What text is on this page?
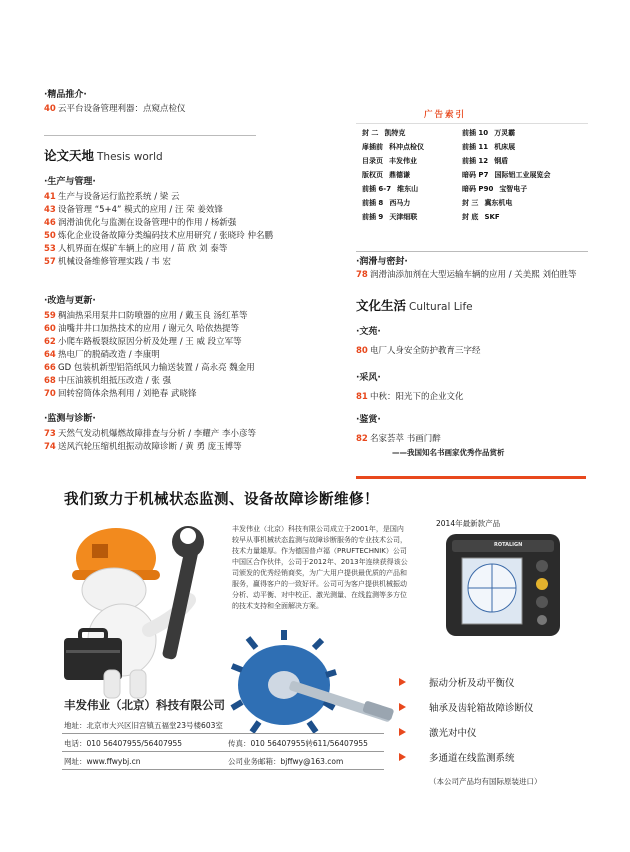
·精品推介·
40 云平台设备管理利器：点窥点检仪
论文天地 Thesis world
·生产与管理·
41 生产与设备运行监控系统 / 梁 云
43 设备管理 “5+4” 模式的应用 / 汪 荣 姜效锋
46 润滑油优化与监测在设备管理中的作用 / 杨新强
50 炼化企业设备故障分类编码技术应用研究 / 张晓玲 仲名鹏
53 人机界面在煤矿车辆上的应用 / 苗 欣 刘 泰等
57 机械设备维修管理实践 / 韦 宏
·改造与更新·
59 稠油热采用泵井口防喷器的应用 / 戴玉良 汤红革等
60 油嘴井井口加热技术的应用 / 谢元久 哈依热提等
62 小爬车路板裂纹原因分析及处理 / 王 威 段立军等
64 热电厂的脱硝改造 / 李康明
66 GD 包装机新型铝箔纸风力输送装置 / 高永亮 魏金用
68 中压油簇机组抵压改造 / 张 强
70 回转窑筒体余热利用 / 刘艳春 武晓锋
·监测与诊断·
73 天然气发动机爆燃故障排查与分析 / 李耀产 李小彦等
74 送风汽轮压缩机组振动故障诊断 / 黄 勇 庞玉博等
广告索引
封 二 凯特克	前插 10 万灵霸
扉插前 科冲点检仪	前插 11 机床展
目录页 丰发伟业	前插 12 钢盾
版权页 鼎德谦	暗码 P7 国际铝工业展览会
前插 6-7 维东山	暗码 P90 宝智电子
前插 8 西马力	封 三 冀东机电
前插 9 天津细联	封 底 SKF
·润滑与密封·
78 润滑油添加剂在大型运输车辆的应用 / 关美熙 刘伯胜等
文化生活 Cultural Life
·文苑·
80 电厂人身安全防护教育三字经
·采风·
81 中秋：阳光下的企业文化
·鉴赏·
82 名家荟萃 书画门醉
——我国知名书画家优秀作品赏析
我们致力于机械状态监测、设备故障诊断维修！
丰发伟业（北京）科技有限公司成立于2001年，是国内较早从事机械状态监测与故障诊断服务的专业技术公司，技术力量雄厚。作为德国普卢福（PRUFTECHNIK）公司中国区合作伙伴，公司于2012年、2013年连续获得该公司颁发的优秀经销商奖，为广大用户提供最优质的产品和服务，赢得客户的一致好评。公司可为客户提供机械振动分析、动平衡、对中校正、激光测量、在线监测等多方位的技术支持和全面解决方案。
2014年最新款产品
ROTALIGN
振动分析及动平衡仪
轴承及齿轮箱故障诊断仪
激光对中仪
多通道在线监测系统
（本公司产品均有国际原装进口）
丰发伟业（北京）科技有限公司
地址：北京市大兴区旧宫镇五福堂23号楼603室
电话：010 56407955/56407955	传真：010 56407955转611/56407955
网址：www.ffwybj.cn	公司业务邮箱：bjffwy@163.com
